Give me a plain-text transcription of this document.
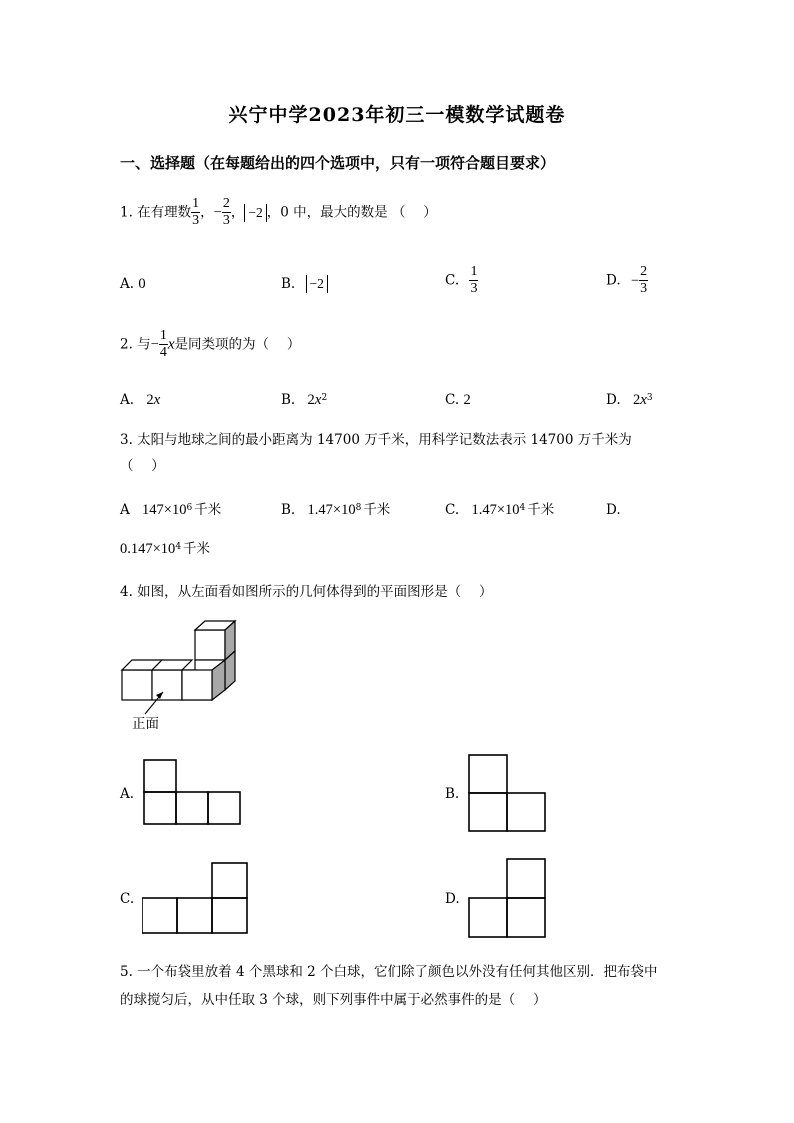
兴宁中学2023年初三一模数学试题卷
一、选择题（在每题给出的四个选项中，只有一项符合题目要求）
1. 在有理数 $\frac{1}{3}$ ，− $\frac{2}{3}$ ， −2 ，0 中，最大的数是 （　 ）
A. 0	B. −2	C. $\frac{1}{3}$	D. − $\frac{2}{3}$
2. 与− $\frac{1}{4}$ x是同类项的为（　 ）
A. 2x	B. $2x^2$	C. 2	D. $2x^3$
3. 太阳与地球之间的最小距离为 14700 万千米，用科学记数法表示 14700 万千米为
（　 ）
A $147\times 10^6$ 千米	B. $1.47\times 10^8$ 千米	C. $1.47\times 10^4$ 千米	D.
$0.147\times 10^4$ 千米
4. 如图，从左面看如图所示的几何体得到的平面图形是（　 ）
正面
A.	B.
C.	D.
5. 一个布袋里放着 4 个黑球和 2 个白球，它们除了颜色以外没有任何其他区别．把布袋中
的球搅匀后，从中任取 3 个球，则下列事件中属于必然事件的是（　 ）
